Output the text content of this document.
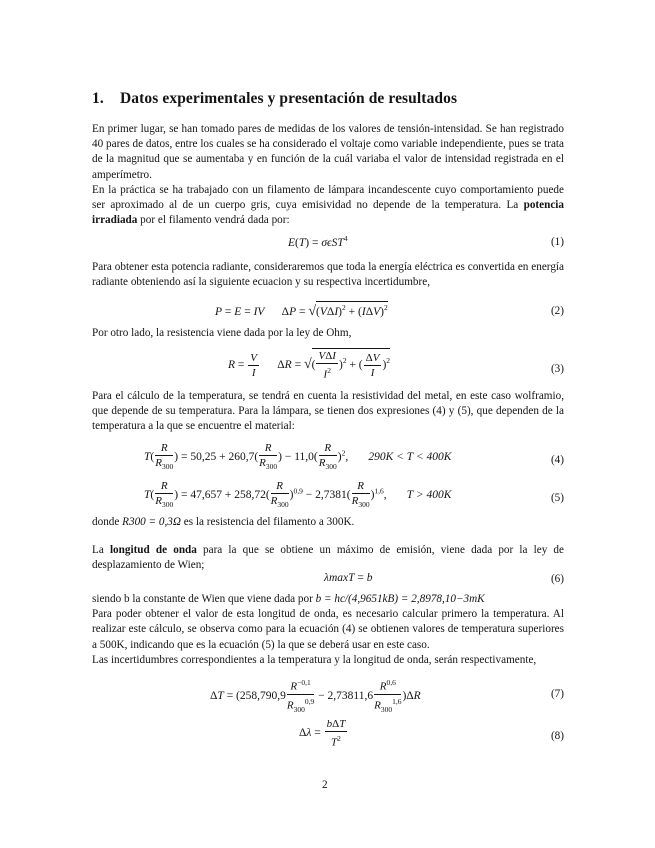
1. Datos experimentales y presentación de resultados
En primer lugar, se han tomado pares de medidas de los valores de tensión-intensidad. Se han registrado 40 pares de datos, entre los cuales se ha considerado el voltaje como variable independiente, pues se trata de la magnitud que se aumentaba y en función de la cuál variaba el valor de intensidad registrada en el amperímetro.
En la práctica se ha trabajado con un filamento de lámpara incandescente cuyo comportamiento puede ser aproximado al de un cuerpo gris, cuya emisividad no depende de la temperatura. La potencia irradiada por el filamento vendrá dada por:
E(T) = σϵST$^4$	(1)
Para obtener esta potencia radiante, consideraremos que toda la energía eléctrica es convertida en energía radiante obteniendo así la siguiente ecuacion y su respectiva incertidumbre,
P = E = IV      $\Delta P = √(V\Delta I)^2 + (I\Delta V)^2$	(2)
Por otro lado, la resistencia viene dada por la ley de Ohm,
$R = \frac{V}{I}$ ΔR = √( $\frac{\text{VΔI}}{I^2} )^2$ + ( $\frac{\Delta V}{I} )^2$
(3)
Para el cálculo de la temperatura, se tendrá en cuenta la resistividad del metal, en este caso wolframio, que depende de su temperatura. Para la lámpara, se tienen dos expresiones (4) y (5), que dependen de la temperatura a la que se encuentre el material:
$T( \frac{R}{R_{300}}$ ) = $50,25 + 260,7( \frac{R}{R_{300}}$ ) − $11,0( \frac{R}{R_{300}} )^2$,       290K < T < 400K	(4)
$T( \frac{R}{R_{300}}$ ) = $47,657 + 258,72( \frac{R}{R_{300}} )^{0,9} - 2,7381( \frac{R}{R_{300}} )^{1,6}$,       T > 400K	(5)
donde R300 = 0,3Ω es la resistencia del filamento a 300K.
La longitud de onda para la que se obtiene un máximo de emisión, viene dada por la ley de desplazamiento de Wien;
λmaxT = b	(6)
siendo b la constante de Wien que viene dada por b = hc/(4,9651kB) = 2,8978,10−3mK
Para poder obtener el valor de esta longitud de onda, es necesario calcular primero la temperatura. Al realizar este cálculo, se observa como para la ecuación (4) se obtienen valores de temperatura superiores a 500K, indicando que es la ecuación (5) la que se deberá usar en este caso.
Las incertidumbres correspondientes a la temperatura y la longitud de onda, serán respectivamente,
$\Delta T = (258,790,9 \frac{R^{-0,1}}{R_{300}^{0,9}} - 2,73811,6 \frac{R^{0,6}}{R_{300}^{1,6}} )\Delta R$	(7)
$\Delta\lambda = \frac{\text{bΔT}}{T^2}$	(8)
2
